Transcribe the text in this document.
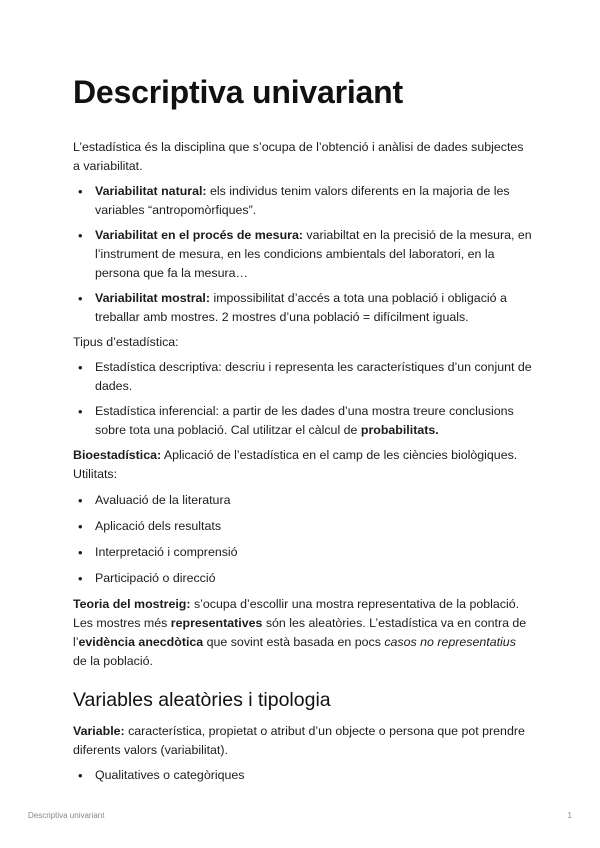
Descriptiva univariant

L’estadística és la disciplina que s’ocupa de l’obtenció i anàlisi de dades subjectes a variabilitat.

• Variabilitat natural: els individus tenim valors diferents en la majoria de les variables “antropomòrfiques”.
• Variabilitat en el procés de mesura: variabiltat en la precisió de la mesura, en l’instrument de mesura, en les condicions ambientals del laboratori, en la persona que fa la mesura…
• Variabilitat mostral: impossibilitat d’accés a tota una població i obligació a treballar amb mostres. 2 mostres d’una població = difícilment iguals.

Tipus d’estadística:

• Estadística descriptiva: descriu i representa les característiques d’un conjunt de dades.
• Estadística inferencial: a partir de les dades d’una mostra treure conclusions sobre tota una població. Cal utilitzar el càlcul de probabilitats.

Bioestadística: Aplicació de l’estadística en el camp de les ciències biològiques. Utilitats:

• Avaluació de la literatura
• Aplicació dels resultats
• Interpretació i comprensió
• Participació o direcció

Teoria del mostreig: s’ocupa d’escollir una mostra representativa de la població. Les mostres més representatives són les aleatòries. L’estadística va en contra de l’evidència anecdòtica que sovint està basada en pocs casos no representatius de la població.

Variables aleatòries i tipologia

Variable: característica, propietat o atribut d’un objecte o persona que pot prendre diferents valors (variabilitat).

• Qualitatives o categòriques
Descriptiva univariant	1
